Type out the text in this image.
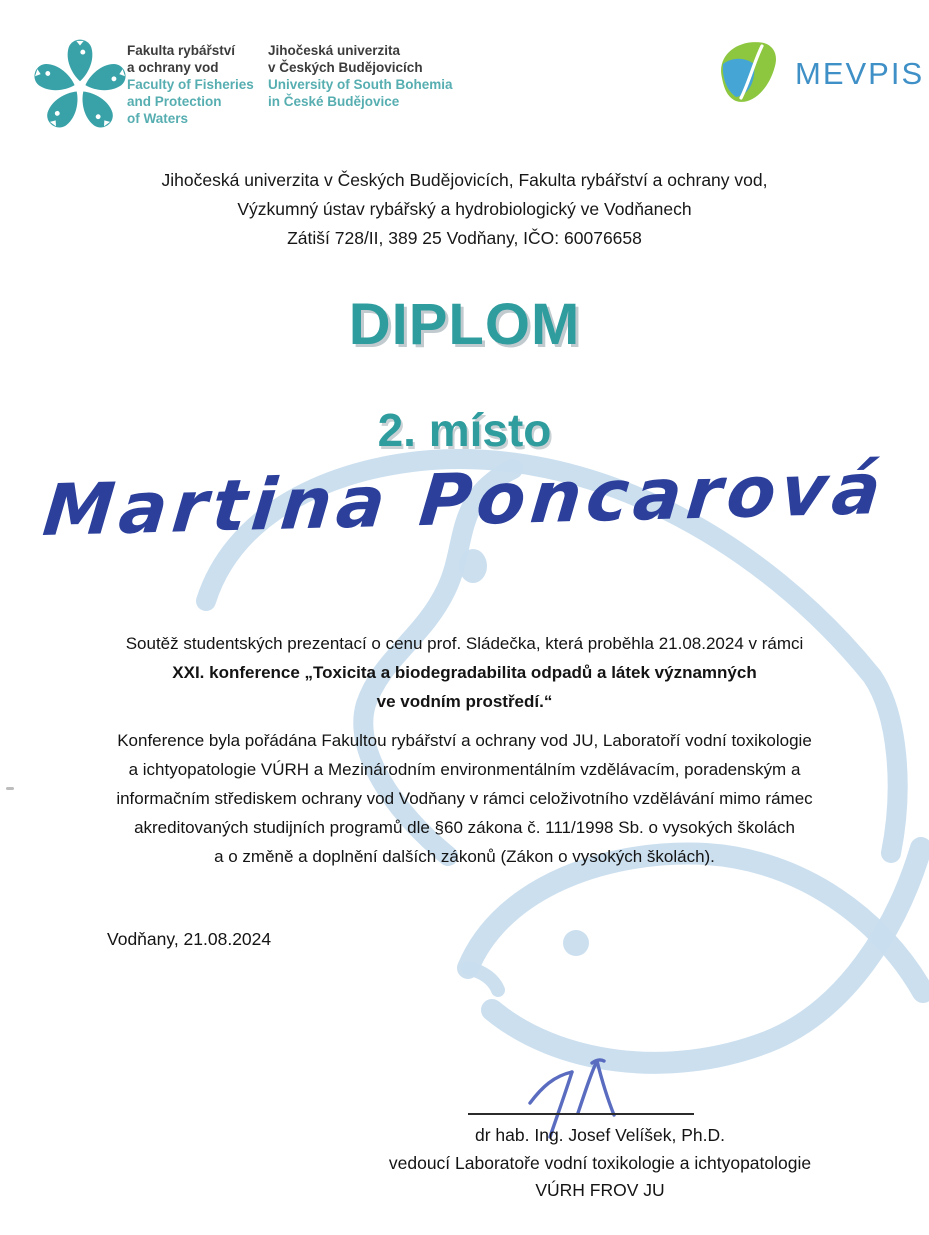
Fakulta rybářství
a ochrany vod
Faculty of Fisheries
and Protection
of Waters
Jihočeská univerzita
v Českých Budějovicích
University of South Bohemia
in České Budějovice
MEVPIS
Jihočeská univerzita v Českých Budějovicích, Fakulta rybářství a ochrany vod,
Výzkumný ústav rybářský a hydrobiologický ve Vodňanech
Zátiší 728/II, 389 25 Vodňany, IČO: 60076658
DIPLOM
2. místo
Martina Poncarová
Soutěž studentských prezentací o cenu prof. Sládečka, která proběhla 21.08.2024 v rámci
XXI. konference „Toxicita a biodegradabilita odpadů a látek významných
ve vodním prostředí.“
Konference byla pořádána Fakultou rybářství a ochrany vod JU, Laboratoří vodní toxikologie
a ichtyopatologie VÚRH a Mezinárodním environmentálním vzdělávacím, poradenským a
informačním střediskem ochrany vod Vodňany v rámci celoživotního vzdělávání mimo rámec
akreditovaných studijních programů dle §60 zákona č. 111/1998 Sb. o vysokých školách
a o změně a doplnění dalších zákonů (Zákon o vysokých školách).
Vodňany, 21.08.2024
dr hab. Ing. Josef Velíšek, Ph.D.
vedoucí Laboratoře vodní toxikologie a ichtyopatologie
VÚRH FROV JU
